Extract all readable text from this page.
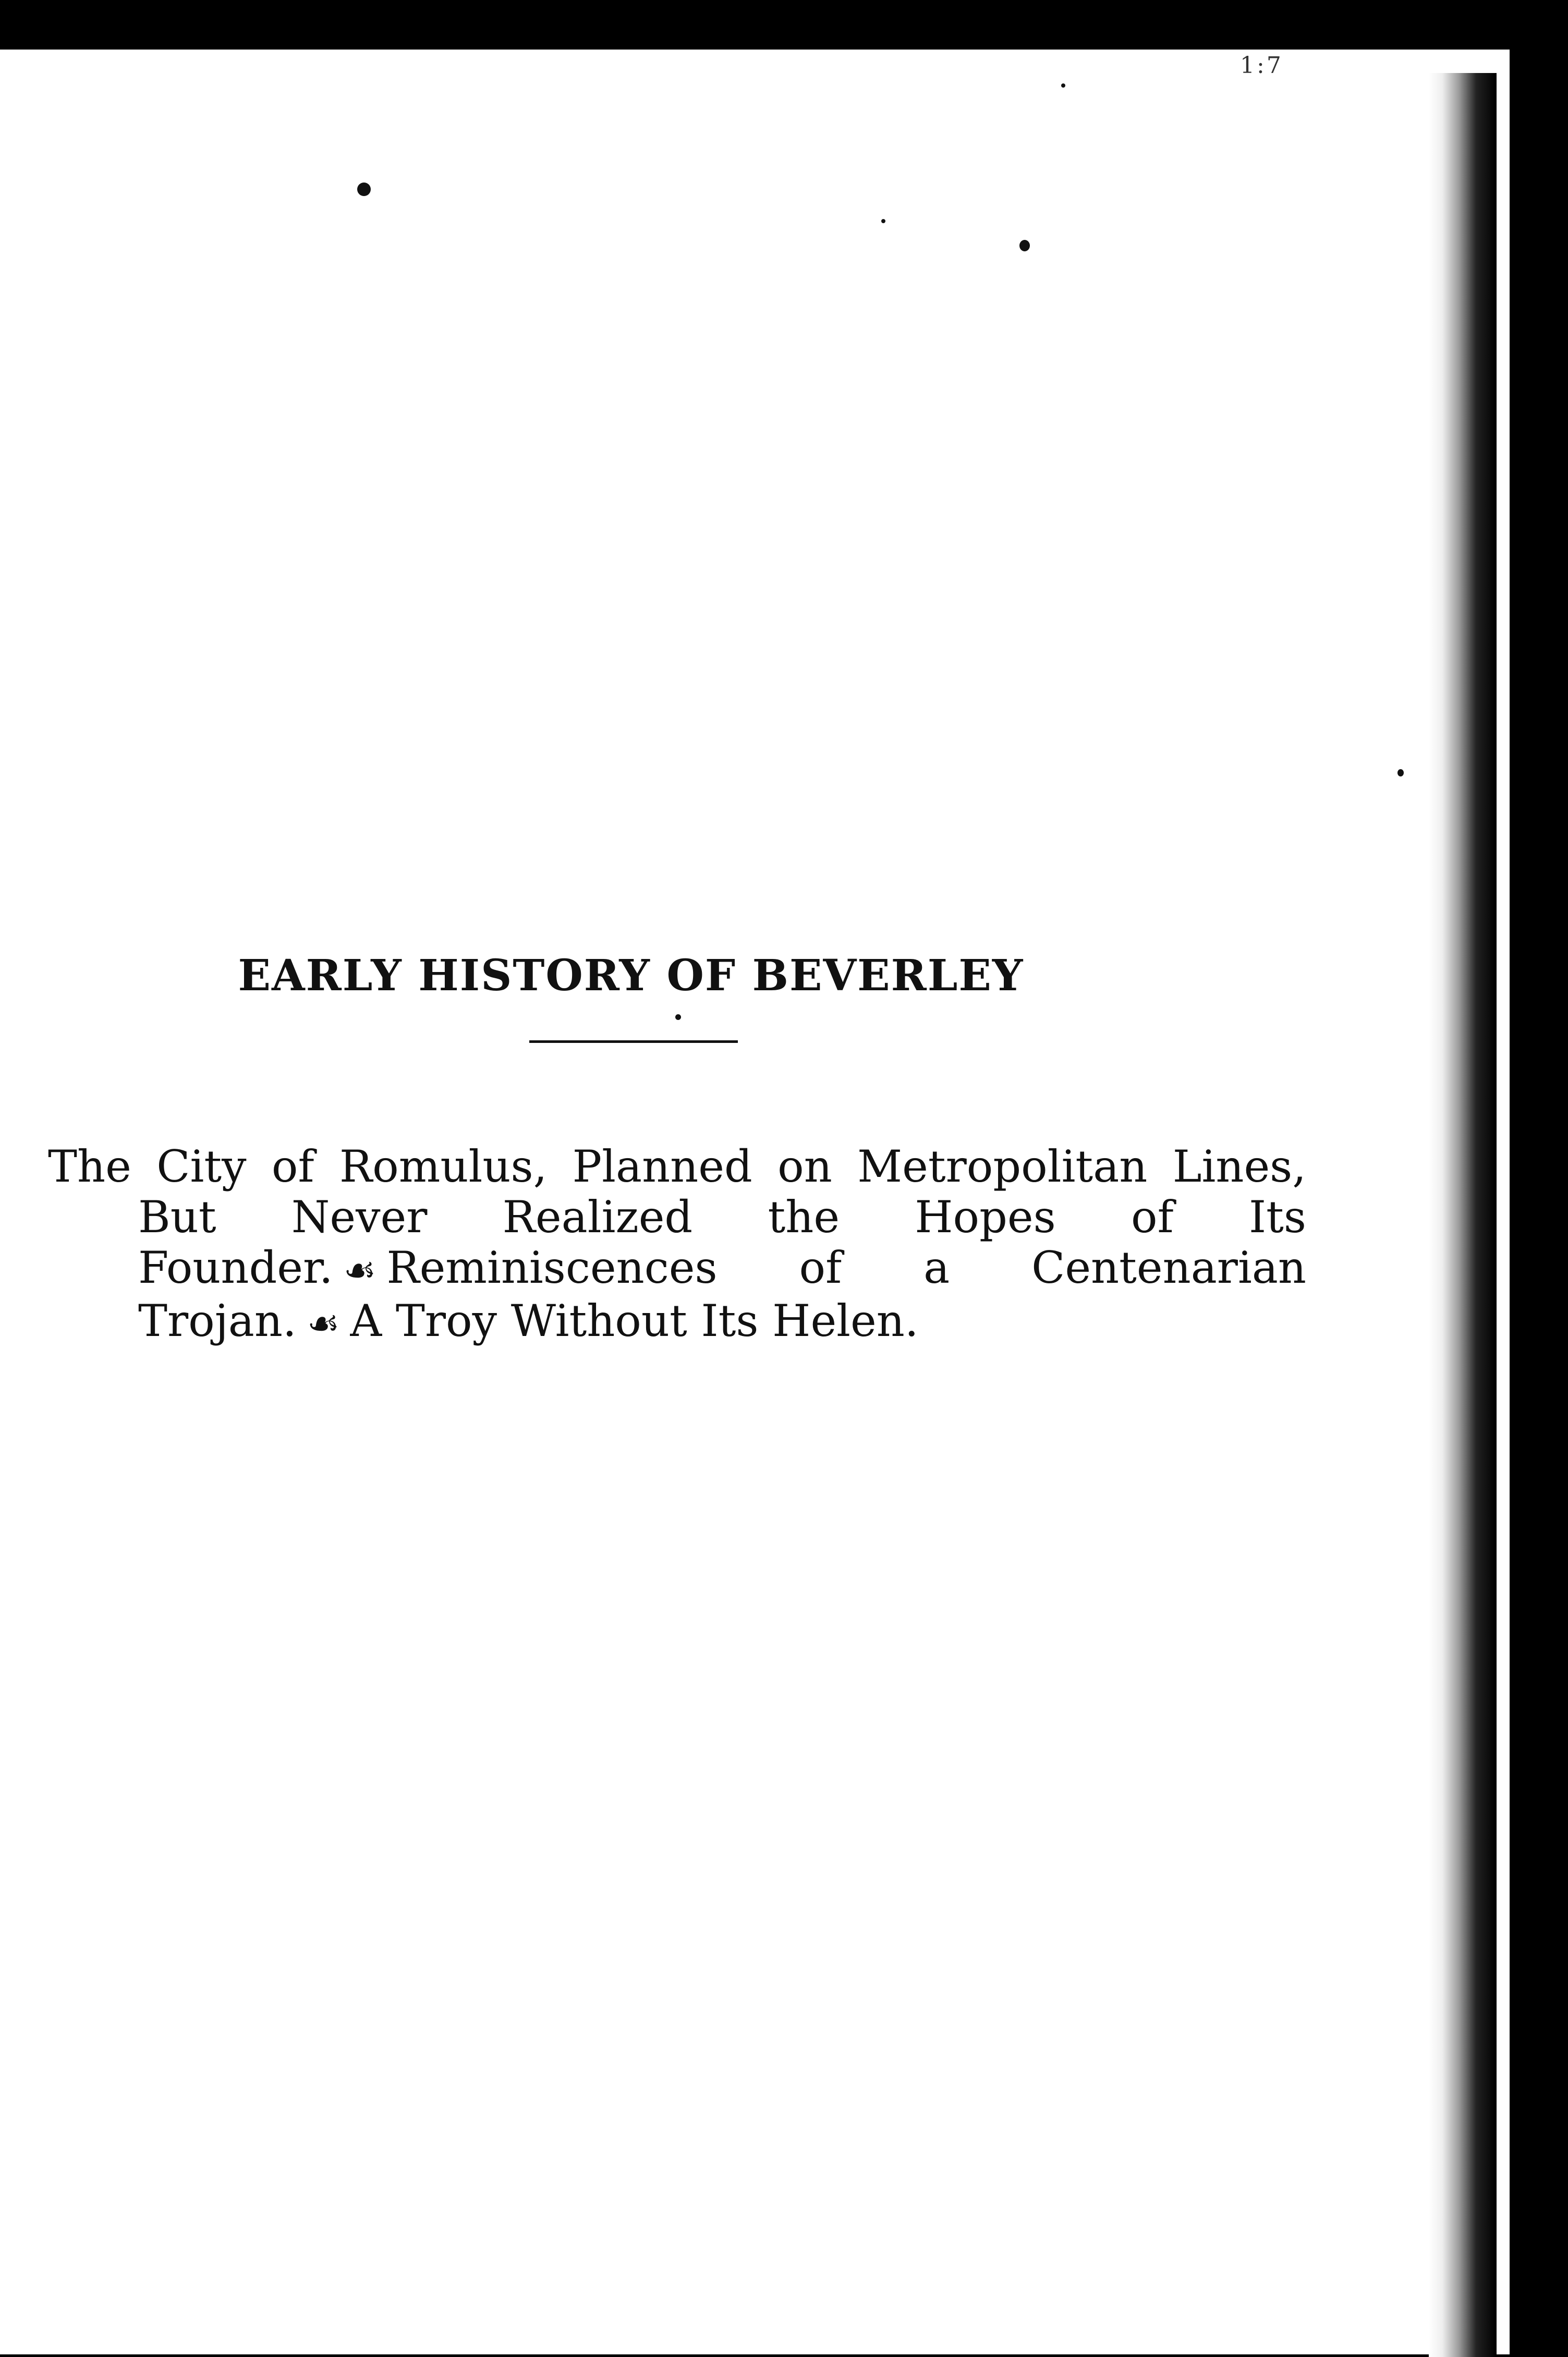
1:7
EARLY HISTORY OF BEVERLEY

The City of Romulus, Planned on Metropolitan Lines, But Never Realized the Hopes of Its Founder. ☙ Reminiscences of a Centenarian Trojan. ☙ A Troy Without Its Helen.
